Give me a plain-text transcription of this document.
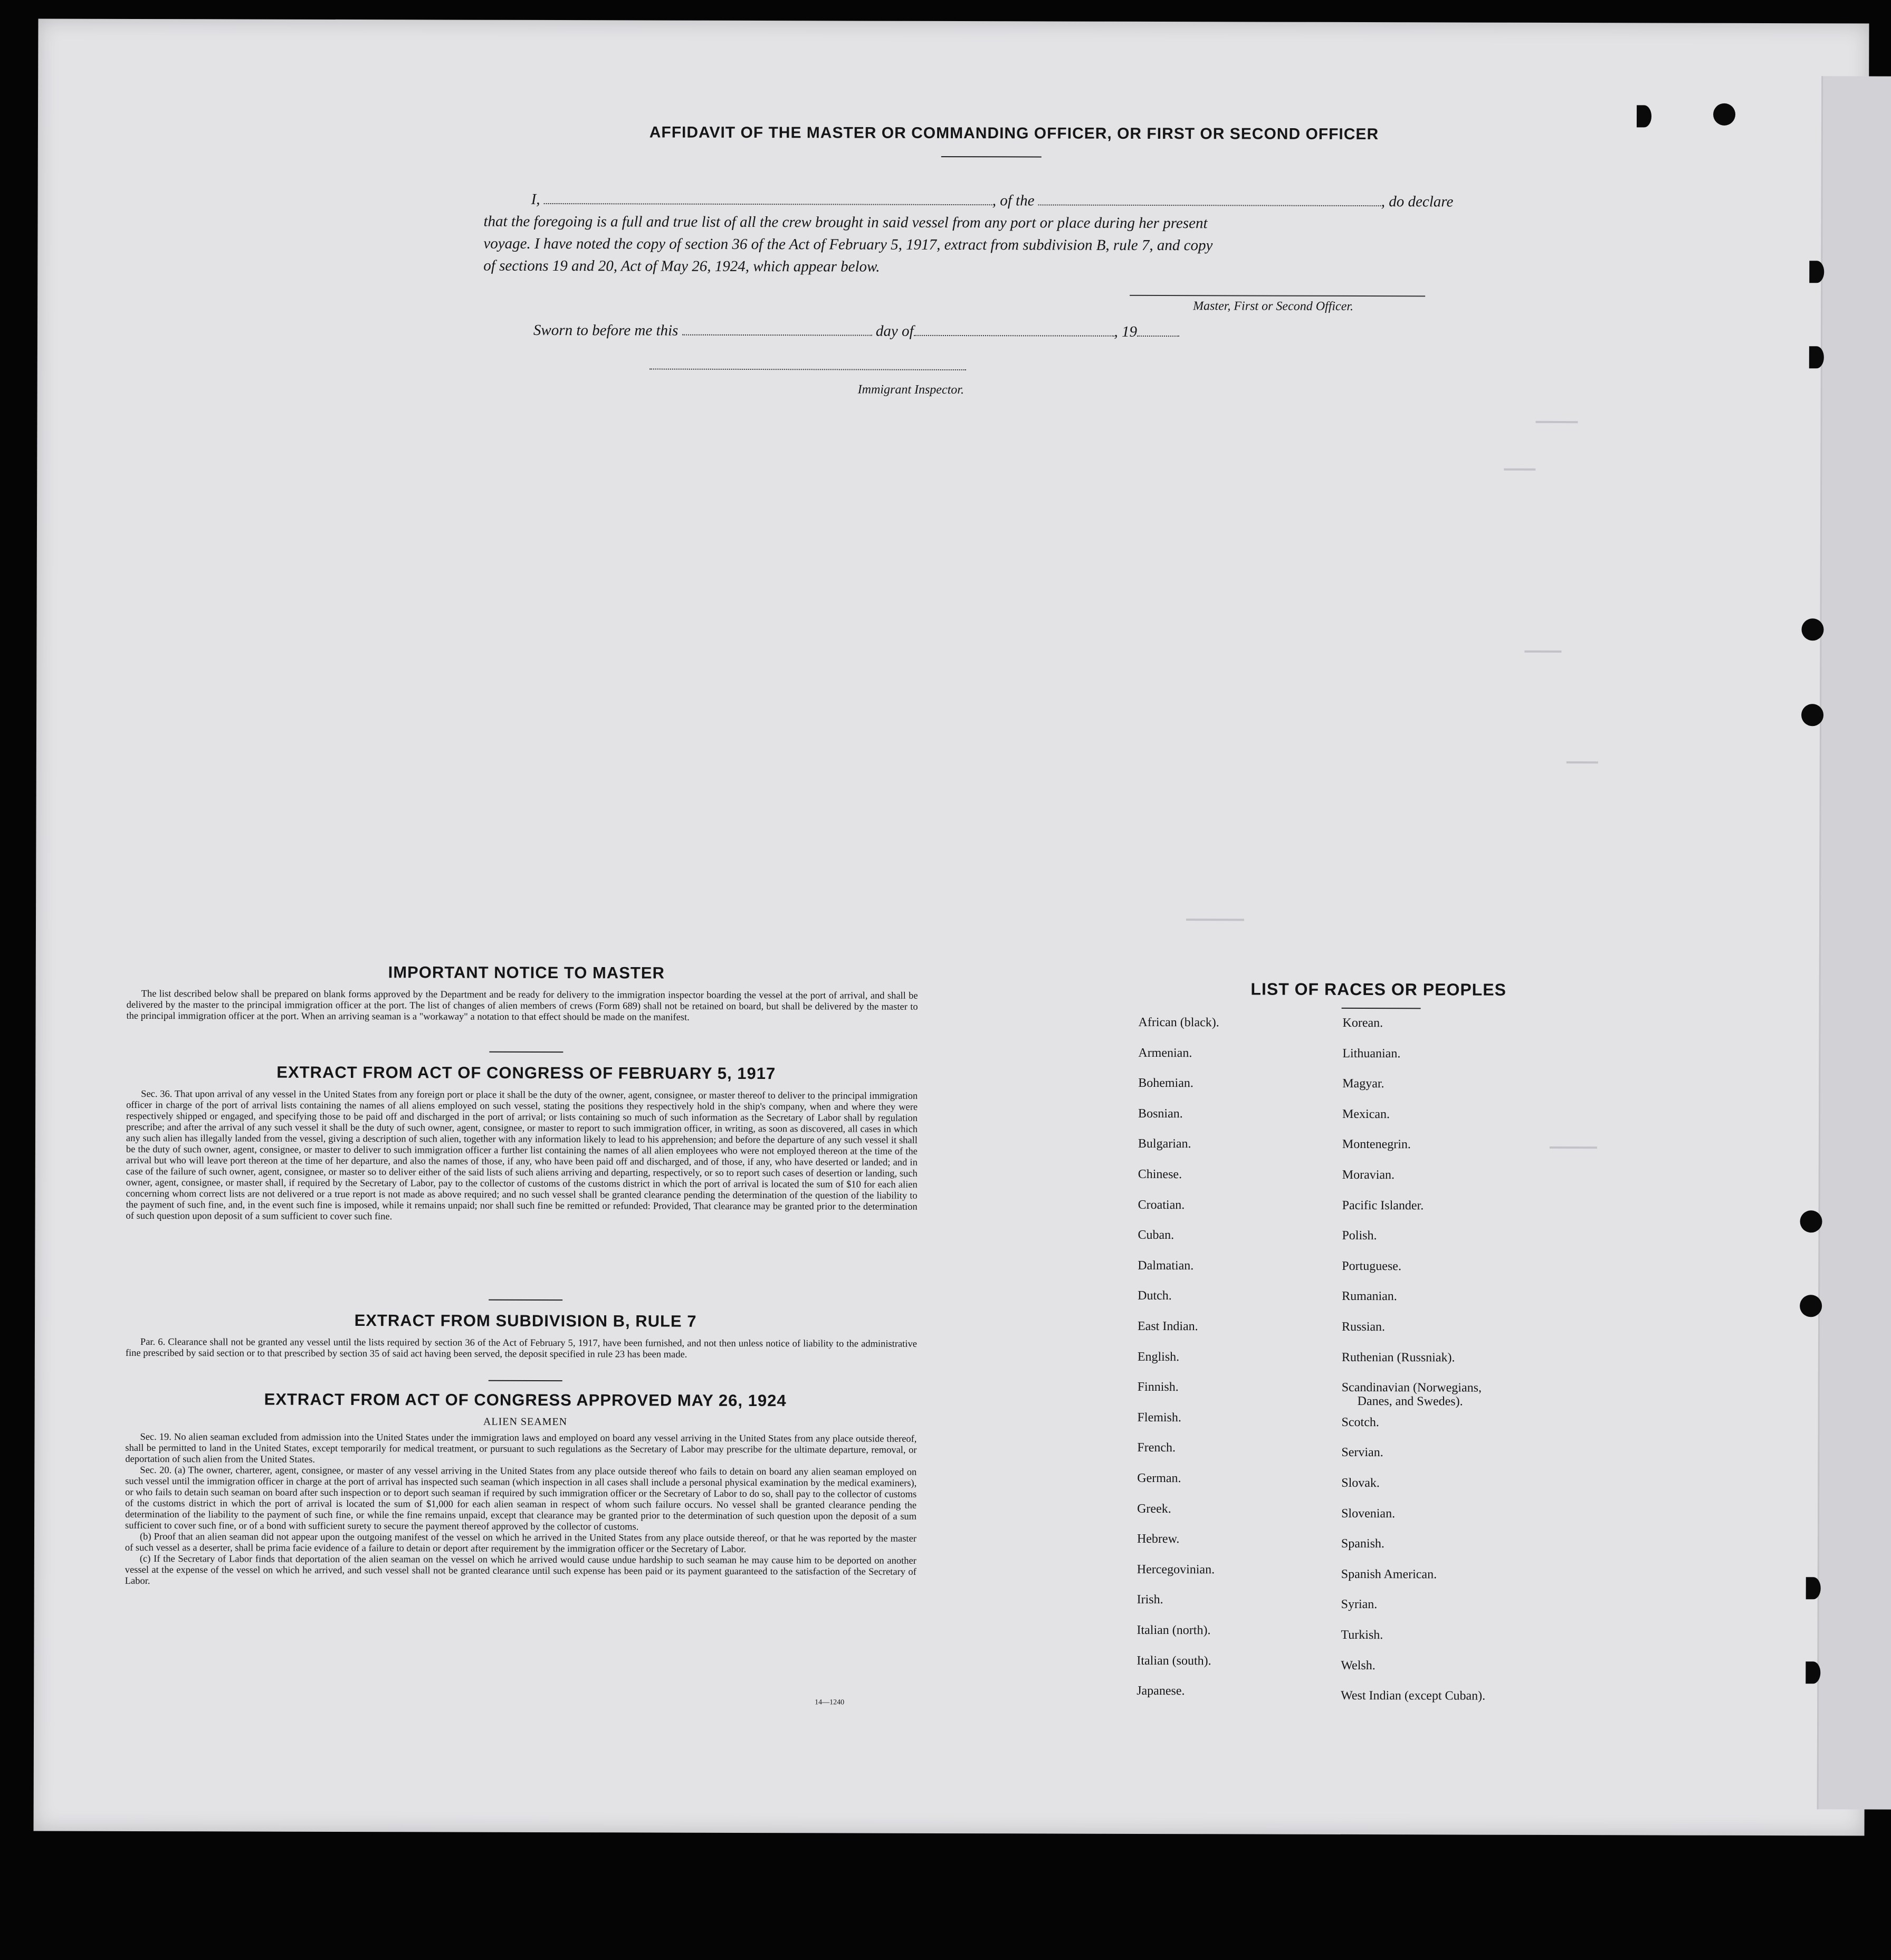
AFFIDAVIT OF THE MASTER OR COMMANDING OFFICER, OR FIRST OR SECOND OFFICER
I,	, of the	, do declare
that the foregoing is a full and true list of all the crew brought in said vessel from any port or place during her present
voyage. I have noted the copy of section 36 of the Act of February 5, 1917, extract from subdivision B, rule 7, and copy
of sections 19 and 20, Act of May 26, 1924, which appear below.
Master, First or Second Officer.
Sworn to before me this	day of	, 19
Immigrant Inspector.
IMPORTANT NOTICE TO MASTER

The list described below shall be prepared on blank forms approved by the Department and be ready for delivery to the immigration inspector boarding the vessel at the port of arrival, and shall be delivered by the master to the principal immigration officer at the port. The list of changes of alien members of crews (Form 689) shall not be retained on board, but shall be delivered by the master to the principal immigration officer at the port. When an arriving seaman is a "workaway" a notation to that effect should be made on the manifest.

EXTRACT FROM ACT OF CONGRESS OF FEBRUARY 5, 1917

Sec. 36. That upon arrival of any vessel in the United States from any foreign port or place it shall be the duty of the owner, agent, consignee, or master thereof to deliver to the principal immigration officer in charge of the port of arrival lists containing the names of all aliens employed on such vessel, stating the positions they respectively hold in the ship's company, when and where they were respectively shipped or engaged, and specifying those to be paid off and discharged in the port of arrival; or lists containing so much of such information as the Secretary of Labor shall by regulation prescribe; and after the arrival of any such vessel it shall be the duty of such owner, agent, consignee, or master to report to such immigration officer, in writing, as soon as discovered, all cases in which any such alien has illegally landed from the vessel, giving a description of such alien, together with any information likely to lead to his apprehension; and before the departure of any such vessel it shall be the duty of such owner, agent, consignee, or master to deliver to such immigration officer a further list containing the names of all alien employees who were not employed thereon at the time of the arrival but who will leave port thereon at the time of her departure, and also the names of those, if any, who have been paid off and discharged, and of those, if any, who have deserted or landed; and in case of the failure of such owner, agent, consignee, or master so to deliver either of the said lists of such aliens arriving and departing, respectively, or so to report such cases of desertion or landing, such owner, agent, consignee, or master shall, if required by the Secretary of Labor, pay to the collector of customs of the customs district in which the port of arrival is located the sum of $10 for each alien concerning whom correct lists are not delivered or a true report is not made as above required; and no such vessel shall be granted clearance pending the determination of the question of the liability to the payment of such fine, and, in the event such fine is imposed, while it remains unpaid; nor shall such fine be remitted or refunded: Provided, That clearance may be granted prior to the determination of such question upon deposit of a sum sufficient to cover such fine.

EXTRACT FROM SUBDIVISION B, RULE 7

Par. 6. Clearance shall not be granted any vessel until the lists required by section 36 of the Act of February 5, 1917, have been furnished, and not then unless notice of liability to the administrative fine prescribed by said section or to that prescribed by section 35 of said act having been served, the deposit specified in rule 23 has been made.

EXTRACT FROM ACT OF CONGRESS APPROVED MAY 26, 1924
ALIEN SEAMEN

Sec. 19. No alien seaman excluded from admission into the United States under the immigration laws and employed on board any vessel arriving in the United States from any place outside thereof, shall be permitted to land in the United States, except temporarily for medical treatment, or pursuant to such regulations as the Secretary of Labor may prescribe for the ultimate departure, removal, or deportation of such alien from the United States.

Sec. 20. (a) The owner, charterer, agent, consignee, or master of any vessel arriving in the United States from any place outside thereof who fails to detain on board any alien seaman employed on such vessel until the immigration officer in charge at the port of arrival has inspected such seaman (which inspection in all cases shall include a personal physical examination by the medical examiners), or who fails to detain such seaman on board after such inspection or to deport such seaman if required by such immigration officer or the Secretary of Labor to do so, shall pay to the collector of customs of the customs district in which the port of arrival is located the sum of $1,000 for each alien seaman in respect of whom such failure occurs. No vessel shall be granted clearance pending the determination of the liability to the payment of such fine, or while the fine remains unpaid, except that clearance may be granted prior to the determination of such question upon the deposit of a sum sufficient to cover such fine, or of a bond with sufficient surety to secure the payment thereof approved by the collector of customs.

(b) Proof that an alien seaman did not appear upon the outgoing manifest of the vessel on which he arrived in the United States from any place outside thereof, or that he was reported by the master of such vessel as a deserter, shall be prima facie evidence of a failure to detain or deport after requirement by the immigration officer or the Secretary of Labor.

(c) If the Secretary of Labor finds that deportation of the alien seaman on the vessel on which he arrived would cause undue hardship to such seaman he may cause him to be deported on another vessel at the expense of the vessel on which he arrived, and such vessel shall not be granted clearance until such expense has been paid or its payment guaranteed to the satisfaction of the Secretary of Labor.

14—1240
LIST OF RACES OR PEOPLES
African (black).
Armenian.
Bohemian.
Bosnian.
Bulgarian.
Chinese.
Croatian.
Cuban.
Dalmatian.
Dutch.
East Indian.
English.
Finnish.
Flemish.
French.
German.
Greek.
Hebrew.
Hercegovinian.
Irish.
Italian (north).
Italian (south).
Japanese.
Korean.
Lithuanian.
Magyar.
Mexican.
Montenegrin.
Moravian.
Pacific Islander.
Polish.
Portuguese.
Rumanian.
Russian.
Ruthenian (Russniak).
Scandinavian (Norwegians,
Danes, and Swedes).
Scotch.
Servian.
Slovak.
Slovenian.
Spanish.
Spanish American.
Syrian.
Turkish.
Welsh.
West Indian (except Cuban).
